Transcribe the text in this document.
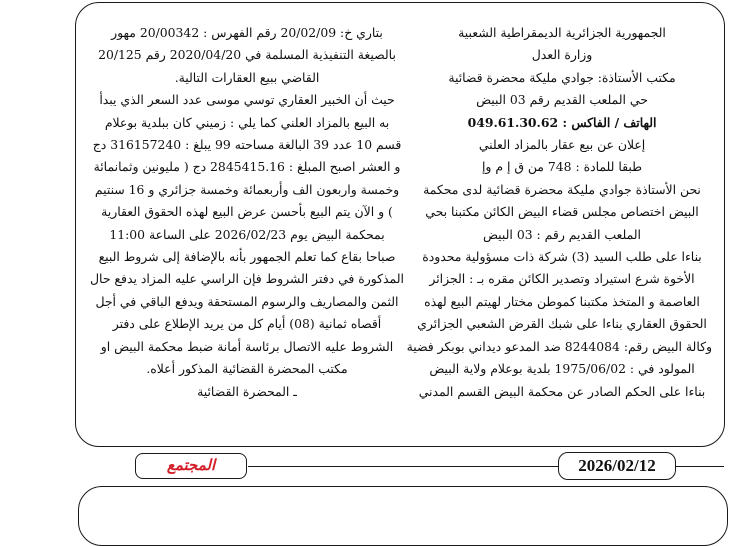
الجمهورية الجزائرية الديمقراطية الشعبية
وزارة العدل
مكتب الأستاذة: جوادي مليكة محضرة قضائية
حي الملعب القديم رقم 03 البيض
الهاتف / الفاكس : 049.61.30.62
إعلان عن بيع عقار بالمزاد العلني
طبقا للمادة : 748 من ق إ م وإ
نحن الأستاذة جوادي مليكة محضرة قضائية لدى محكمة
البيض اختصاص مجلس قضاء البيض الكائن مكتبنا بحي
الملعب القديم رقم : 03 البيض
بناءا على طلب السيد (3) شركة ذات مسؤولية محدودة
الأخوة شرع استيراد وتصدير الكائن مقره بـ : الجزائر
العاصمة و المتخذ مكتبنا كموطن مختار لهيتم البيع لهذه
الحقوق العقاري بناءا على شبك القرض الشعبي الجزائري
وكالة البيض رقم: 8244084 ضد المدعو ديداني بوبكر فضية
المولود في : 1975/06/02 بلدية بوعلام ولاية البيض
بناءا على الحكم الصادر عن محكمة البيض القسم المدني
بتاري خ: 20/02/09 رقم الفهرس : 20/00342 مهور
بالصيغة التنفيذية المسلمة في 2020/04/20 رقم 20/125
القاضي ببيع العقارات التالية.
حيث أن الخبير العقاري توسي موسى عدد السعر الذي يبدأ
به البيع بالمزاد العلني كما يلي : زميني كان ببلدية بوعلام
قسم 10 عدد 39 البالغة مساحته 99 يبلغ : 316157240 دج
و العشر اصبح المبلغ : 2845415.16 دج ( مليونين وثمانمائة
وخمسة واربعون الف وأربعمائة وخمسة جزائري و 16 سنتيم
) و الآن يتم البيع بأحسن عرض البيع لهذه الحقوق العقارية
بمحكمة البيض يوم 2026/02/23 على الساعة 11:00
صباحا بقاع كما تعلم الجمهور بأنه بالإضافة إلى شروط البيع
المذكورة في دفتر الشروط فإن الراسي عليه المزاد يدفع حال
الثمن والمصاريف والرسوم المستحقة ويدفع الباقي في أجل
أقصاه ثمانية (08) أيام كل من يريد الإطلاع على دفتر
الشروط عليه الاتصال برئاسة أمانة ضبط محكمة البيض او
مكتب المحضرة القضائية المذكور أعلاه.
ـ المحضرة القضائية
المجتمع	2026/02/12
